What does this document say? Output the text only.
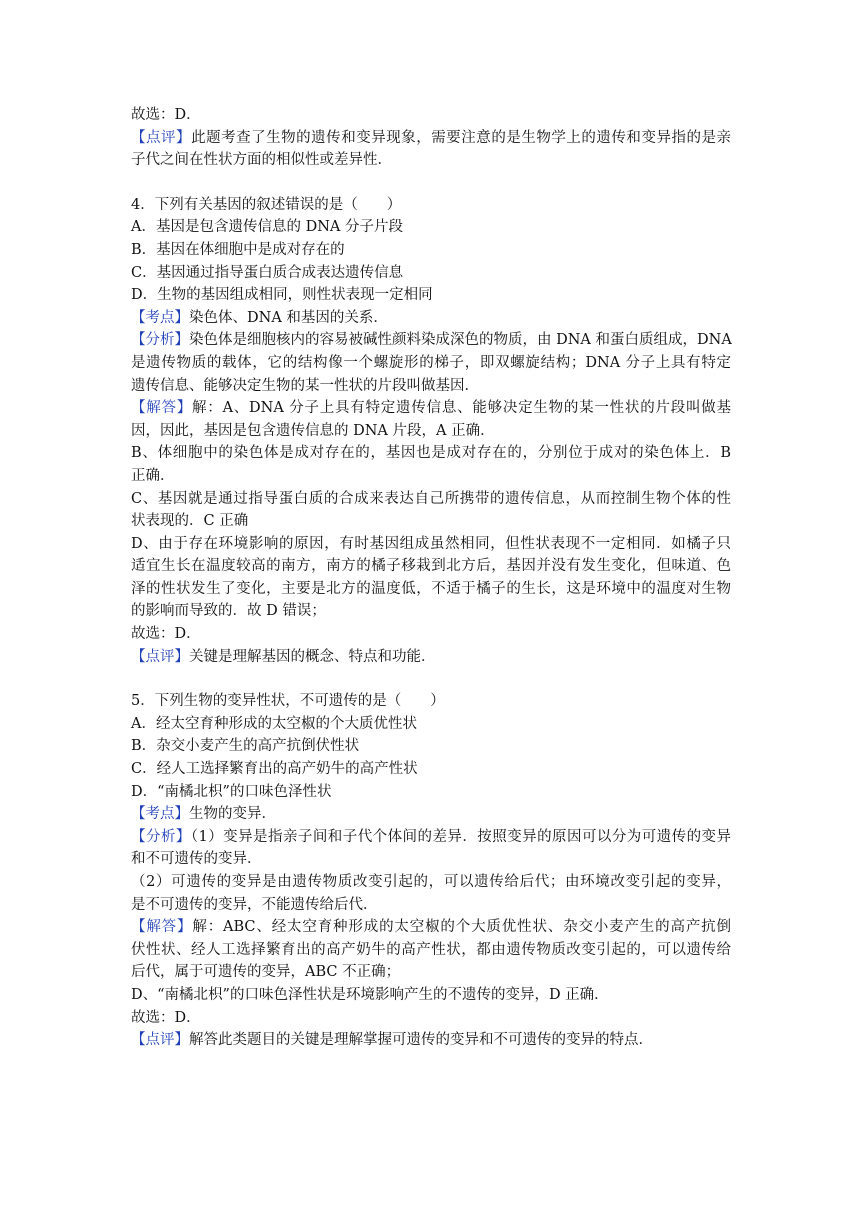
故选：D．
【点评】此题考查了生物的遗传和变异现象，需要注意的是生物学上的遗传和变异指的是亲
子代之间在性状方面的相似性或差异性．
4．下列有关基因的叙述错误的是（　　）
A．基因是包含遗传信息的 DNA 分子片段
B．基因在体细胞中是成对存在的
C．基因通过指导蛋白质合成表达遗传信息
D．生物的基因组成相同，则性状表现一定相同
【考点】染色体、DNA 和基因的关系．
【分析】染色体是细胞核内的容易被碱性颜料染成深色的物质，由 DNA 和蛋白质组成，DNA
是遗传物质的载体，它的结构像一个螺旋形的梯子，即双螺旋结构；DNA 分子上具有特定
遗传信息、能够决定生物的某一性状的片段叫做基因．
【解答】解：A、DNA 分子上具有特定遗传信息、能够决定生物的某一性状的片段叫做基
因，因此，基因是包含遗传信息的 DNA 片段，A 正确．
B、体细胞中的染色体是成对存在的，基因也是成对存在的，分别位于成对的染色体上．B
正确．
C、基因就是通过指导蛋白质的合成来表达自己所携带的遗传信息，从而控制生物个体的性
状表现的．C 正确
D、由于存在环境影响的原因，有时基因组成虽然相同，但性状表现不一定相同．如橘子只
适宜生长在温度较高的南方，南方的橘子移栽到北方后，基因并没有发生变化，但味道、色
泽的性状发生了变化，主要是北方的温度低，不适于橘子的生长，这是环境中的温度对生物
的影响而导致的．故 D 错误；
故选：D．
【点评】关键是理解基因的概念、特点和功能．
5．下列生物的变异性状，不可遗传的是（　　）
A．经太空育种形成的太空椒的个大质优性状
B．杂交小麦产生的高产抗倒伏性状
C．经人工选择繁育出的高产奶牛的高产性状
D．“南橘北枳”的口味色泽性状
【考点】生物的变异．
【分析】（1）变异是指亲子间和子代个体间的差异．按照变异的原因可以分为可遗传的变异
和不可遗传的变异．
（2）可遗传的变异是由遗传物质改变引起的，可以遗传给后代；由环境改变引起的变异，
是不可遗传的变异，不能遗传给后代．
【解答】解：ABC、经太空育种形成的太空椒的个大质优性状、杂交小麦产生的高产抗倒
伏性状、经人工选择繁育出的高产奶牛的高产性状，都由遗传物质改变引起的，可以遗传给
后代，属于可遗传的变异，ABC 不正确；
D、“南橘北枳”的口味色泽性状是环境影响产生的不遗传的变异，D 正确．
故选：D．
【点评】解答此类题目的关键是理解掌握可遗传的变异和不可遗传的变异的特点．
